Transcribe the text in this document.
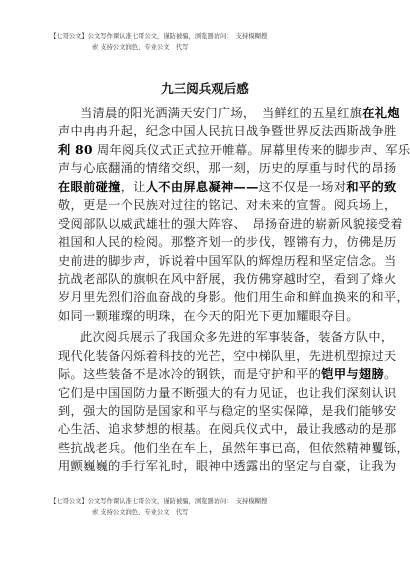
【七哥公文】公文写作课认准七哥公文，谨防被骗，浏览器访问：　支持模糊搜
索 支持公文润色、专业公文　代写
九三阅兵观后感
当清晨的阳光洒满天安门广场，　当鲜红的五星红旗在礼炮
声中冉冉升起，纪念中国人民抗日战争暨世界反法西斯战争胜
利 80 周年阅兵仪式正式拉开帷幕。屏幕里传来的脚步声、军乐
声与心底翻涌的情绪交织，那一刻，历史的厚重与时代的昂扬
在眼前碰撞，让人不由屏息凝神——这不仅是一场对和平的致
敬，更是一个民族对过往的铭记、对未来的宣誓。阅兵场上，
受阅部队以威武雄壮的强大阵容、　昂扬奋进的崭新风貌接受着
祖国和人民的检阅。那整齐划一的步伐，铿锵有力，仿佛是历
史前进的脚步声，诉说着中国军队的辉煌历程和坚定信念。当
抗战老部队的旗帜在风中舒展，我仿佛穿越时空，看到了烽火
岁月里先烈们浴血奋战的身影。他们用生命和鲜血换来的和平，
如同一颗璀璨的明珠，在今天的阳光下更加耀眼夺目。
此次阅兵展示了我国众多先进的军事装备，装备方队中，
现代化装备闪烁着科技的光芒，空中梯队里，先进机型掠过天
际。这些装备不是冰冷的钢铁，而是守护和平的铠甲与翅膀。
它们是中国国防力量不断强大的有力见证，也让我们深刻认识
到，强大的国防是国家和平与稳定的坚实保障，是我们能够安
心生活、追求梦想的根基。在阅兵仪式中，最让我感动的是那
些抗战老兵。他们坐在车上，虽然年事已高，但依然精神矍铄，
用颤巍巍的手行军礼时，眼神中透露出的坚定与自豪，让我为
【七哥公文】公文写作课认准七哥公文，谨防被骗，浏览器访问：　支持模糊搜
索 支持公文润色、专业公文　代写
